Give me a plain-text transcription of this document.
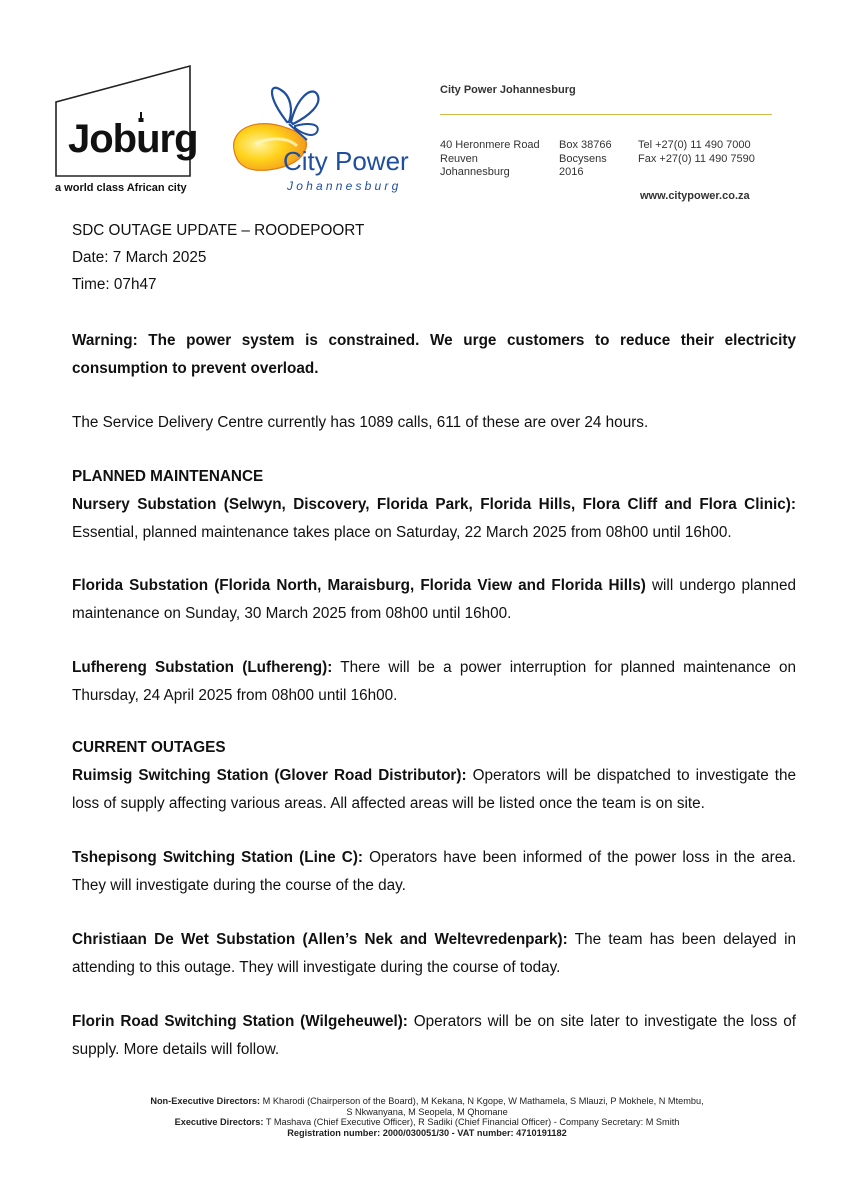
Joburg
a world class African city
City Power
Johannesburg
City Power Johannesburg
40 Heronmere Road
Reuven
Johannesburg
Box 38766
Bocysens
2016
Tel +27(0) 11 490 7000
Fax +27(0) 11 490 7590
www.citypower.co.za
SDC OUTAGE UPDATE – ROODEPOORT
Date: 7 March 2025
Time: 07h47
Warning: The power system is constrained. We urge customers to reduce their electricity consumption to prevent overload.
The Service Delivery Centre currently has 1089 calls, 611 of these are over 24 hours.
PLANNED MAINTENANCE
Nursery Substation (Selwyn, Discovery, Florida Park, Florida Hills, Flora Cliff and Flora Clinic):
Essential, planned maintenance takes place on Saturday, 22 March 2025 from 08h00 until 16h00.
Florida Substation (Florida North, Maraisburg, Florida View and Florida Hills) will undergo planned maintenance on Sunday, 30 March 2025 from 08h00 until 16h00.
Lufhereng Substation (Lufhereng): There will be a power interruption for planned maintenance on Thursday, 24 April 2025 from 08h00 until 16h00.
CURRENT OUTAGES
Ruimsig Switching Station (Glover Road Distributor): Operators will be dispatched to investigate the loss of supply affecting various areas. All affected areas will be listed once the team is on site.
Tshepisong Switching Station (Line C): Operators have been informed of the power loss in the area. They will investigate during the course of the day.
Christiaan De Wet Substation (Allen’s Nek and Weltevredenpark): The team has been delayed in attending to this outage. They will investigate during the course of today.
Florin Road Switching Station (Wilgeheuwel): Operators will be on site later to investigate the loss of supply. More details will follow.
Non-Executive Directors: M Kharodi (Chairperson of the Board), M Kekana, N Kgope, W Mathamela, S Mlauzi, P Mokhele, N Mtembu,
S Nkwanyana, M Seopela, M Qhomane
Executive Directors: T Mashava (Chief Executive Officer), R Sadiki (Chief Financial Officer) - Company Secretary: M Smith
Registration number: 2000/030051/30 - VAT number: 4710191182
